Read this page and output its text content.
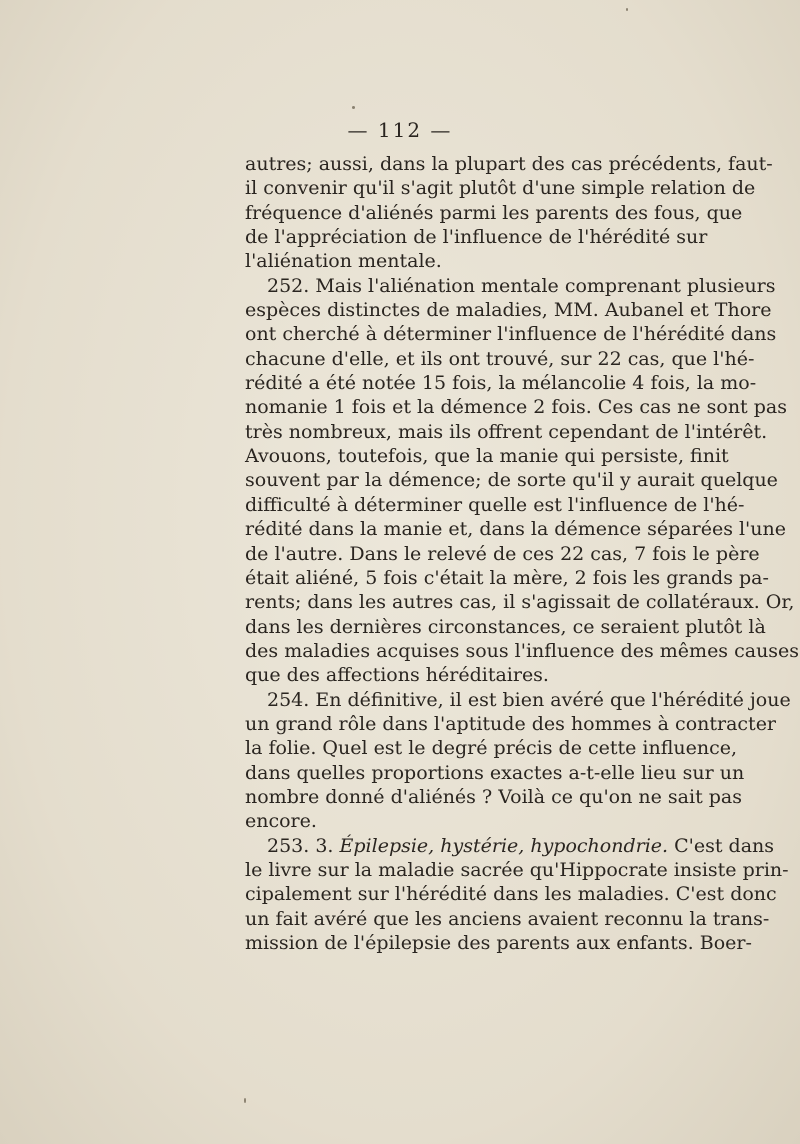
— 112 —
autres; aussi, dans la plupart des cas précédents, faut-
il convenir qu'il s'agit plutôt d'une simple relation de
fréquence d'aliénés parmi les parents des fous, que
de l'appréciation de l'influence de l'hérédité sur
l'aliénation mentale.
252. Mais l'aliénation mentale comprenant plusieurs
espèces distinctes de maladies, MM. Aubanel et Thore
ont cherché à déterminer l'influence de l'hérédité dans
chacune d'elle, et ils ont trouvé, sur 22 cas, que l'hé-
rédité a été notée 15 fois, la mélancolie 4 fois, la mo-
nomanie 1 fois et la démence 2 fois. Ces cas ne sont pas
très nombreux, mais ils offrent cependant de l'intérêt.
Avouons, toutefois, que la manie qui persiste, finit
souvent par la démence; de sorte qu'il y aurait quelque
difficulté à déterminer quelle est l'influence de l'hé-
rédité dans la manie et, dans la démence séparées l'une
de l'autre. Dans le relevé de ces 22 cas, 7 fois le père
était aliéné, 5 fois c'était la mère, 2 fois les grands pa-
rents; dans les autres cas, il s'agissait de collatéraux. Or,
dans les dernières circonstances, ce seraient plutôt là
des maladies acquises sous l'influence des mêmes causes
que des affections héréditaires.
254. En définitive, il est bien avéré que l'hérédité joue
un grand rôle dans l'aptitude des hommes à contracter
la folie. Quel est le degré précis de cette influence,
dans quelles proportions exactes a-t-elle lieu sur un
nombre donné d'aliénés ? Voilà ce qu'on ne sait pas
encore.
253. 3. Épilepsie, hystérie, hypochondrie. C'est dans
le livre sur la maladie sacrée qu'Hippocrate insiste prin-
cipalement sur l'hérédité dans les maladies. C'est donc
un fait avéré que les anciens avaient reconnu la trans-
mission de l'épilepsie des parents aux enfants. Boer-
